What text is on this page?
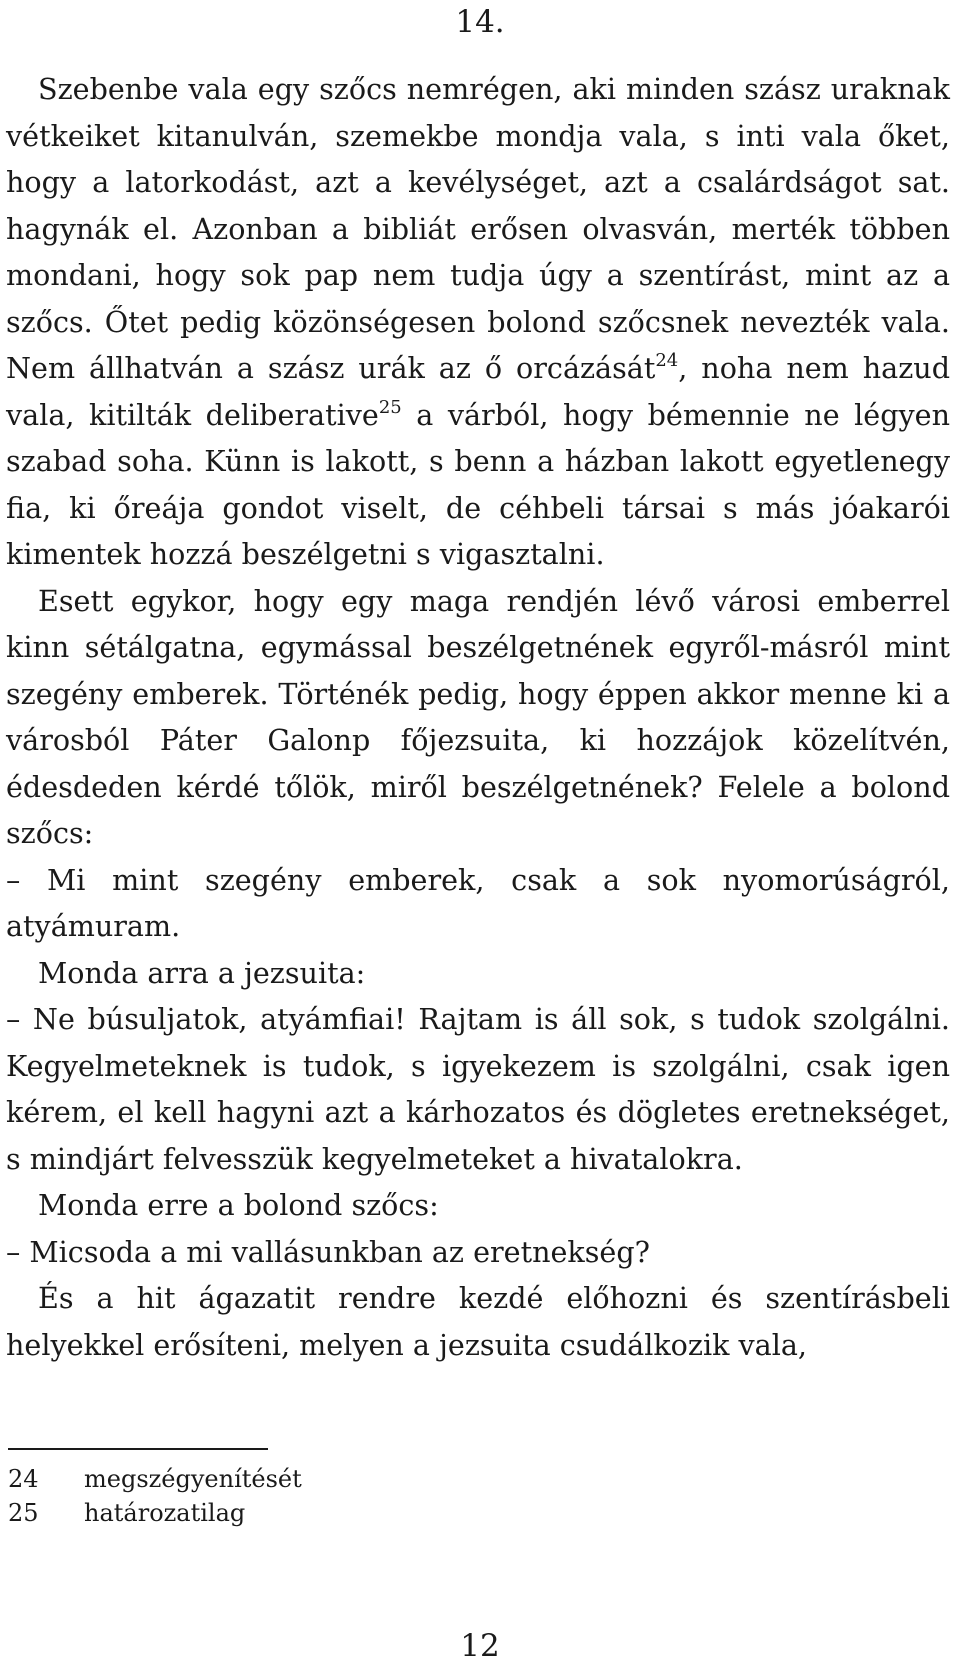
14.

Szebenbe vala egy szőcs nemrégen, aki minden szász uraknak vétkeiket kitanulván, szemekbe mondja vala, s inti vala őket, hogy a latorkodást, azt a kevélységet, azt a csalárdságot sat. hagynák el. Azonban a bibliát erősen olvasván, merték többen mondani, hogy sok pap nem tudja úgy a szentírást, mint az a szőcs. Őtet pedig közönségesen bolond szőcsnek nevezték vala. Nem állhatván a szász urák az ő orcázását$^{24}$, noha nem hazud vala, kitilták deliberative$^{25}$ a várból, hogy bémennie ne légyen szabad soha. Künn is lakott, s benn a házban lakott egyetlenegy fia, ki őreája gondot viselt, de céhbeli társai s más jóakarói kimentek hozzá beszélgetni s vigasztalni.

Esett egykor, hogy egy maga rendjén lévő városi emberrel kinn sétálgatna, egymással beszélgetnének egyről-másról mint szegény emberek. Történék pedig, hogy éppen akkor menne ki a városból Páter Galonp főjezsuita, ki hozzájok közelítvén, édesdeden kérdé tőlök, miről beszélgetnének? Felele a bolond szőcs:

– Mi mint szegény emberek, csak a sok nyomorúságról, atyámuram.

Monda arra a jezsuita:

– Ne búsuljatok, atyámfiai! Rajtam is áll sok, s tudok szolgálni. Kegyelmeteknek is tudok, s igyekezem is szolgálni, csak igen kérem, el kell hagyni azt a kárhozatos és dögletes eretnekséget, s mindjárt felvesszük kegyelmeteket a hivatalokra.

Monda erre a bolond szőcs:

– Micsoda a mi vallásunkban az eretnekség?

És a hit ágazatit rendre kezdé előhozni és szentírásbeli helyekkel erősíteni, melyen a jezsuita csudálkozik vala,

24	megszégyenítését
25	határozatilag
12
